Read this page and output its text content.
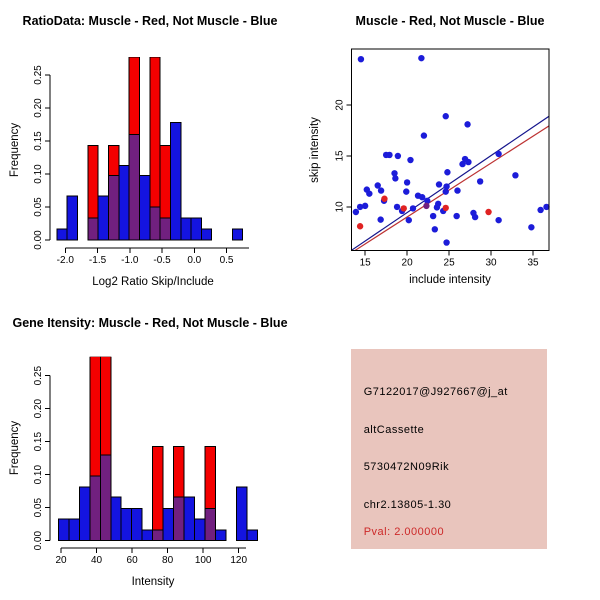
RatioData: Muscle - Red, Not Muscle - Blue
0.00
0.05
0.10
0.15
0.20
0.25
-2.0 -1.5 -1.0 -0.5 0.0 0.5
Log2 Ratio Skip/Include
Frequency
Muscle - Red, Not Muscle - Blue
15	20	25	30	35
10
15
20
include intensity
skip intensity
Gene Itensity: Muscle - Red, Not Muscle - Blue
0.00
0.05
0.10
0.15
0.20
0.25
20 40 60 80 100 120
Intensity
Frequency
G7122017@J927667@j_at
altCassette
5730472N09Rik
chr2.13805-1.30
Pval: 2.000000
